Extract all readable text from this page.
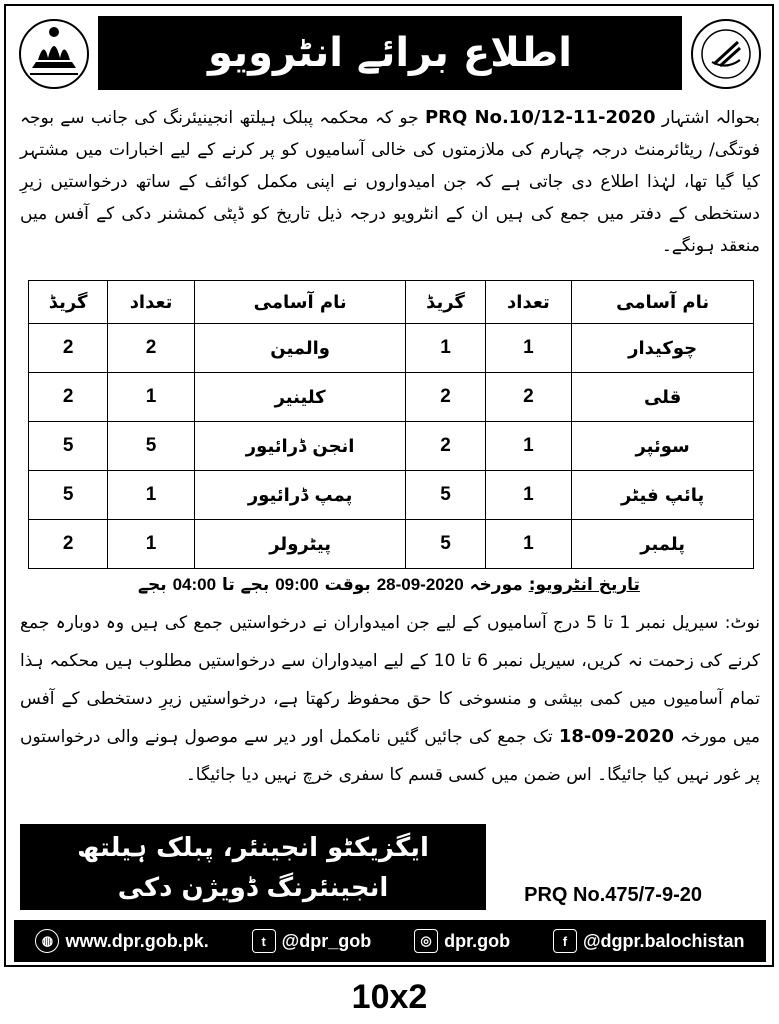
اطلاع برائے انٹرویو
بحوالہ اشتہار PRQ No.10/12-11-2020 جو کہ محکمہ پبلک ہیلتھ انجینیئرنگ کی جانب سے بوجہ فوتگی/ ریٹائرمنٹ درجہ چہارم کی ملازمتوں کی خالی آسامیوں کو پر کرنے کے لیے اخبارات میں مشتہر کیا گیا تھا، لہٰذا اطلاع دی جاتی ہے کہ جن امیدواروں نے اپنی مکمل کوائف کے ساتھ درخواستیں زیرِ دستخطی کے دفتر میں جمع کی ہیں ان کے انٹرویو درجہ ذیل تاریخ کو ڈپٹی کمشنر دکی کے آفس میں منعقد ہونگے۔
نام آسامی	تعداد	گریڈ	نام آسامی	تعداد	گریڈ
چوکیدار	1	1	والمین	2	2
قلی	2	2	کلینیر	1	2
سوئپر	1	2	انجن ڈرائیور	5	5
پائپ فیٹر	1	5	پمپ ڈرائیور	1	5
پلمبر	1	5	پیٹرولر	1	2
تاریخ انٹرویو: مورخہ 28-09-2020 بوقت 09:00 بجے تا 04:00 بجے
نوٹ: سیریل نمبر 1 تا 5 درج آسامیوں کے لیے جن امیدواران نے درخواستیں جمع کی ہیں وہ دوبارہ جمع کرنے کی زحمت نہ کریں، سیریل نمبر 6 تا 10 کے لیے امیدواران سے درخواستیں مطلوب ہیں محکمہ ہذا تمام آسامیوں میں کمی بیشی و منسوخی کا حق محفوظ رکھتا ہے، درخواستیں زیرِ دستخطی کے آفس میں مورخہ 18-09-2020 تک جمع کی جائیں گئیں نامکمل اور دیر سے موصول ہونے والی درخواستوں پر غور نہیں کیا جائیگا۔ اس ضمن میں کسی قسم کا سفری خرچ نہیں دیا جائیگا۔
ایگزیکٹو انجینئر، پبلک ہیلتھ
انجینئرنگ ڈویژن دکی	PRQ No.475/7-9-20
◍ www.dpr.gob.pk.	t @dpr_gob	◎ dpr.gob	f @dgpr.balochistan
10x2
